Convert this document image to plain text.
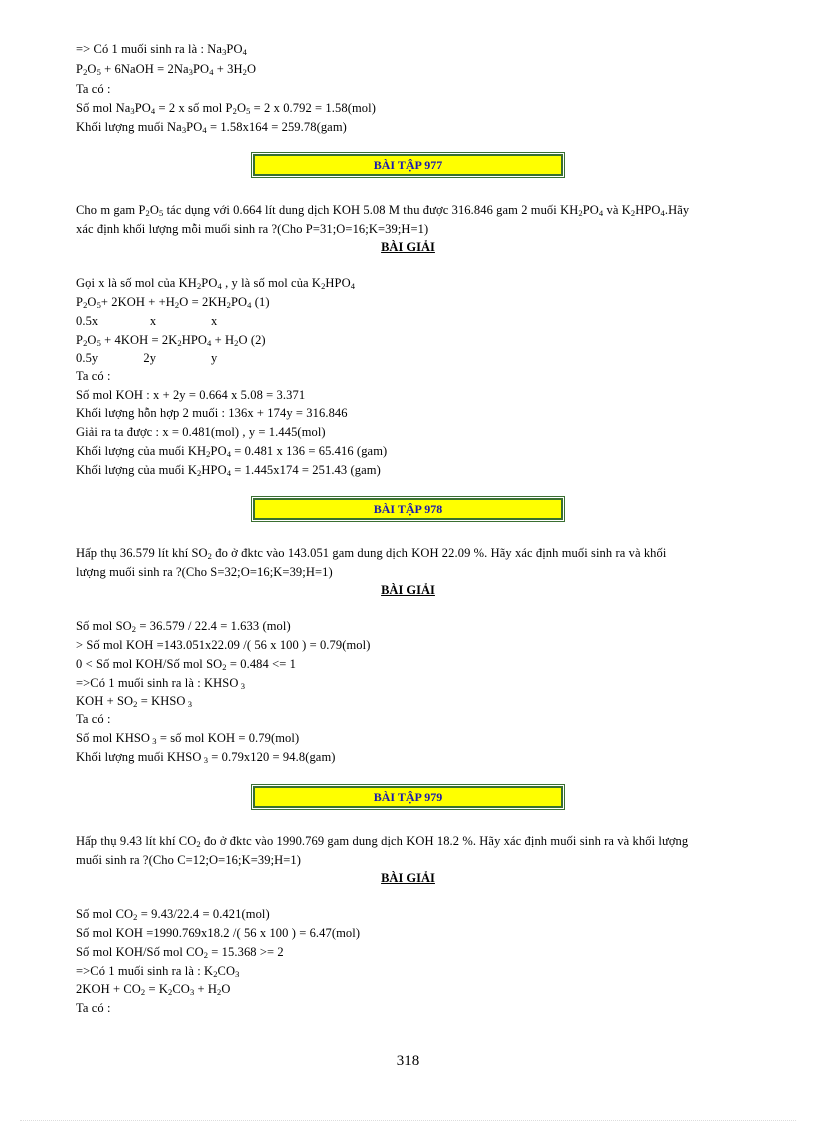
=> Có 1 muối sinh ra là : $Na_3PO_4$
$P_2O_5$ + 6NaOH = $2Na_3PO_4 + 3H_2O$
Ta có :
Số mol $Na_3PO_4 = 2$ x số mol $P_2O_5 = 2$ x 0.792 = 1.58(mol)
Khối lượng muối $Na_3PO_4 = 1.58x164 = 259.78(gam)$
BÀI TẬP 977
Cho m gam $P_2O_5$ tác dụng với 0.664 lít dung dịch KOH 5.08 M thu được 316.846 gam 2 muối $KH_2PO_4$ và $K_2HPO_4.Hãy$
xác định khối lượng mỗi muối sinh ra ?(Cho P=31;O=16;K=39;H=1)
BÀI GIẢI
Gọi x là số mol của $KH_2PO_4$ , y là số mol của $K_2HPO_4$
$P_2O_5+ 2KOH + +H_2O = 2KH_2PO_4$ (1)
0.5x                x                 x
$P_2O_5 + 4KOH = 2K_2HPO_4 + H_2O$ (2)
0.5y              2y                 y
Ta có :
Số mol KOH : x + 2y = 0.664 x 5.08 = 3.371
Khối lượng hỗn hợp 2 muối : 136x + 174y = 316.846
Giải ra ta được : x = 0.481(mol) , y = 1.445(mol)
Khối lượng của muối $KH_2PO_4 = 0.481$ x 136 = 65.416 (gam)
Khối lượng của muối $K_2HPO_4 = 1.445x174 = 251.43$ (gam)
BÀI TẬP 978
Hấp thụ 36.579 lít khí $SO_2$ đo ở đktc vào 143.051 gam dung dịch KOH 22.09 %. Hãy xác định muối sinh ra và khối
lượng muối sinh ra ?(Cho S=32;O=16;K=39;H=1)
BÀI GIẢI
Số mol $SO_2 = 36.579 / 22.4 = 1.633$ (mol)
> Số mol KOH =143.051x22.09 /( 56 x 100 ) = 0.79(mol)
0 < Số mol KOH/Số mol $SO_2 = 0.484 <= 1$
=>Có 1 muối sinh ra là : KHSO $_3$
KOH + $SO_2$ = KHSO $_3$
Ta có :
Số mol KHSO $_3$ = số mol KOH = 0.79(mol)
Khối lượng muối KHSO $_3$ = 0.79x120 = 94.8(gam)
BÀI TẬP 979
Hấp thụ 9.43 lít khí $CO_2$ đo ở đktc vào 1990.769 gam dung dịch KOH 18.2 %. Hãy xác định muối sinh ra và khối lượng
muối sinh ra ?(Cho C=12;O=16;K=39;H=1)
BÀI GIẢI
Số mol $CO_2 = 9.43/22.4 = 0.421(mol)$
Số mol KOH =1990.769x18.2 /( 56 x 100 ) = 6.47(mol)
Số mol KOH/Số mol $CO_2 = 15.368 >= 2$
=>Có 1 muối sinh ra là : $K_2CO_3$
$2KOH + CO_2 = K_2CO_3 + H_2O$
Ta có :
318
